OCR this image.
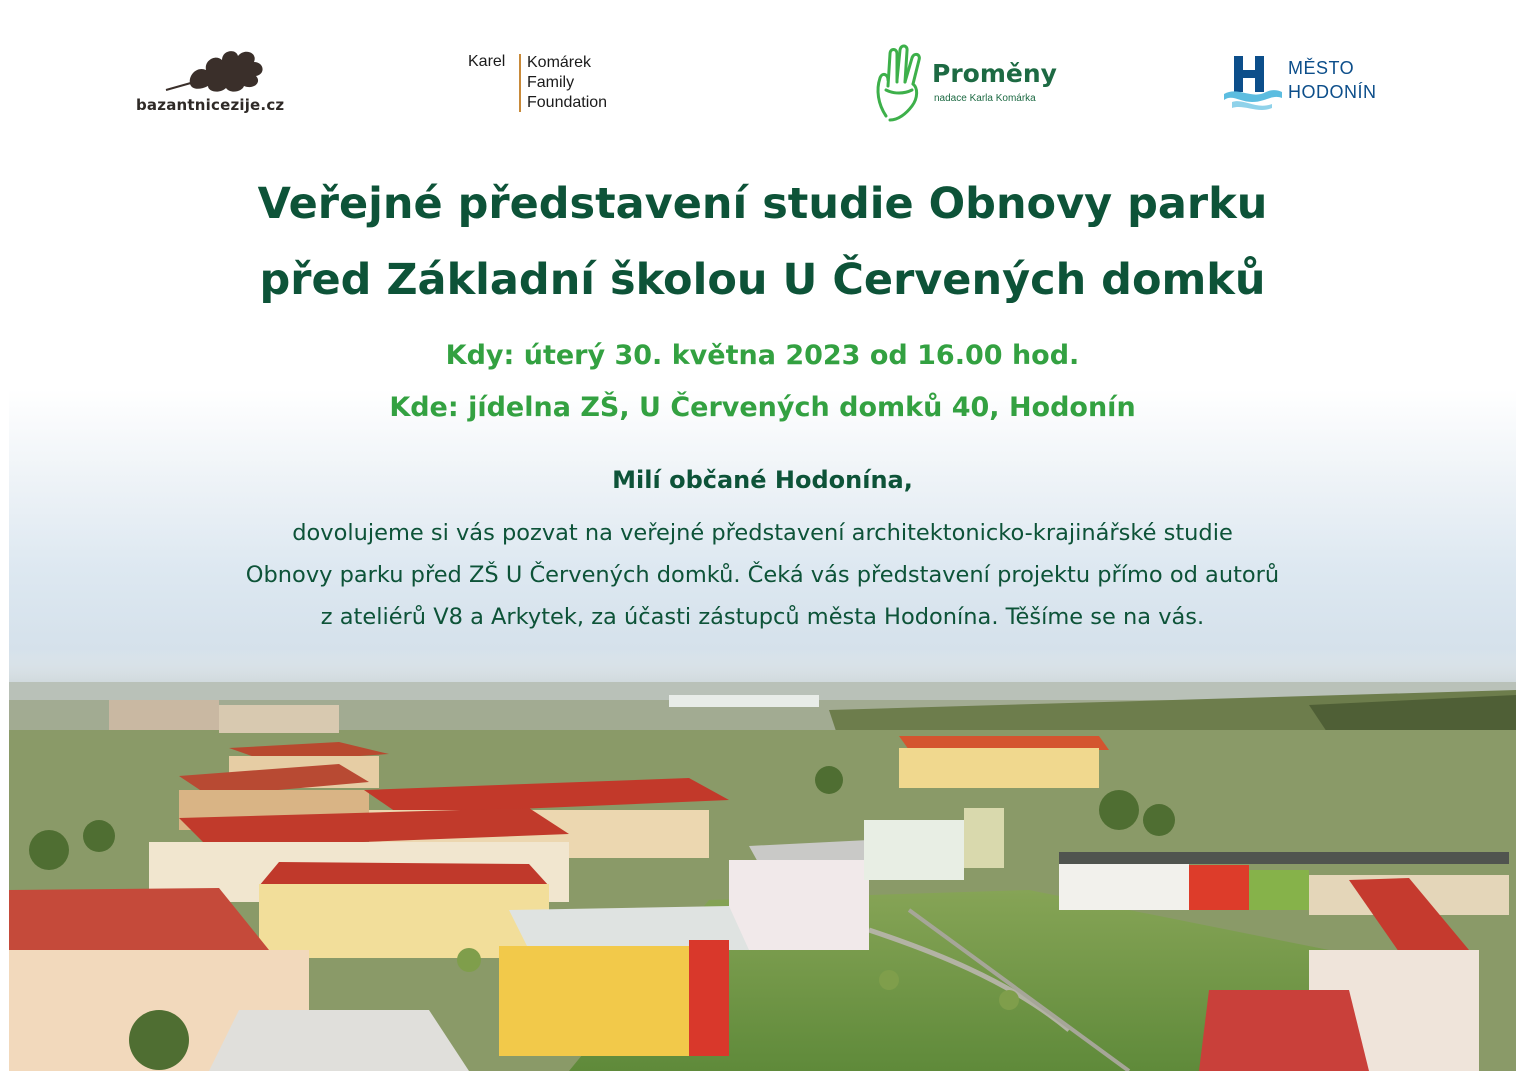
bazantnicezije.cz
Karel Komárek
Family
Foundation
Proměny
nadace Karla Komárka
MĚSTO
HODONÍN
Veřejné představení studie Obnovy parku
před Základní školou U Červených domků
Kdy: úterý 30. května 2023 od 16.00 hod.
Kde: jídelna ZŠ, U Červených domků 40, Hodonín
Milí občané Hodonína,
dovolujeme si vás pozvat na veřejné představení architektonicko-krajinářské studie
Obnovy parku před ZŠ U Červených domků. Čeká vás představení projektu přímo od autorů
z ateliérů V8 a Arkytek, za účasti zástupců města Hodonína. Těšíme se na vás.
